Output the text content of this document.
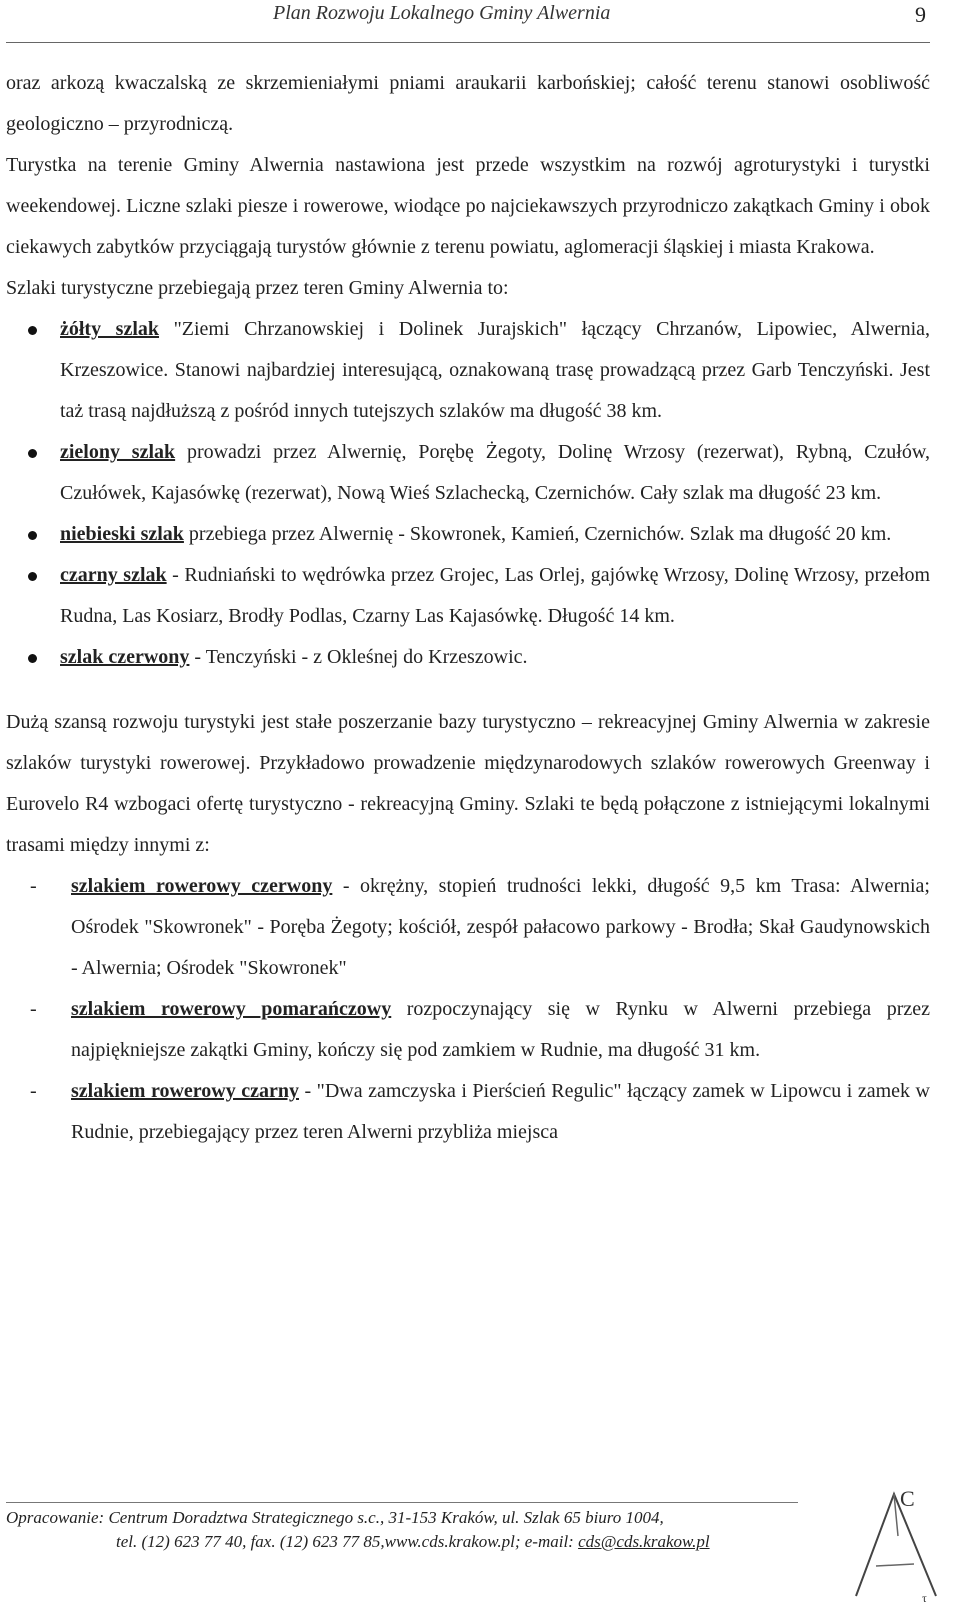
Plan Rozwoju Lokalnego Gminy Alwernia	9

oraz arkozą kwaczalską ze skrzemieniałymi pniami araukarii karbońskiej; całość terenu stanowi osobliwość geologiczno – przyrodniczą.

Turystka na terenie Gminy Alwernia nastawiona jest przede wszystkim na rozwój agroturystyki i turystki weekendowej. Liczne szlaki piesze i rowerowe, wiodące po najciekawszych przyrodniczo zakątkach Gminy i obok ciekawych zabytków przyciągają turystów głównie z terenu powiatu, aglomeracji śląskiej i miasta Krakowa.

Szlaki turystyczne przebiegają przez teren Gminy Alwernia to:

żółty szlak "Ziemi Chrzanowskiej i Dolinek Jurajskich" łączący Chrzanów, Lipowiec, Alwernia, Krzeszowice. Stanowi najbardziej interesującą, oznakowaną trasę prowadzącą przez Garb Tenczyński. Jest taż trasą najdłuższą z pośród innych tutejszych szlaków ma długość 38 km.
zielony szlak prowadzi przez Alwernię, Porębę Żegoty, Dolinę Wrzosy (rezerwat), Rybną, Czułów, Czułówek, Kajasówkę (rezerwat), Nową Wieś Szlachecką, Czernichów. Cały szlak ma długość 23 km.
niebieski szlak przebiega przez Alwernię - Skowronek, Kamień, Czernichów. Szlak ma długość 20 km.
czarny szlak - Rudniański to wędrówka przez Grojec, Las Orlej, gajówkę Wrzosy, Dolinę Wrzosy, przełom Rudna, Las Kosiarz, Brodły Podlas, Czarny Las Kajasówkę. Długość 14 km.
szlak czerwony - Tenczyński - z Okleśnej do Krzeszowic.

Dużą szansą rozwoju turystyki jest stałe poszerzanie bazy turystyczno – rekreacyjnej Gminy Alwernia w zakresie szlaków turystyki rowerowej. Przykładowo prowadzenie międzynarodowych szlaków rowerowych Greenway i Eurovelo R4 wzbogaci ofertę turystyczno - rekreacyjną Gminy. Szlaki te będą połączone z istniejącymi lokalnymi trasami między innymi z:

- szlakiem rowerowy czerwony - okrężny, stopień trudności lekki, długość 9,5 km Trasa: Alwernia; Ośrodek "Skowronek" - Poręba Żegoty; kościół, zespół pałacowo parkowy - Brodła; Skał Gaudynowskich - Alwernia; Ośrodek "Skowronek"
- szlakiem rowerowy pomarańczowy rozpoczynający się w Rynku w Alwerni przebiega przez najpiękniejsze zakątki Gminy, kończy się pod zamkiem w Rudnie, ma długość 31 km.
- szlakiem rowerowy czarny - "Dwa zamczyska i Pierścień Regulic" łączący zamek w Lipowcu i zamek w Rudnie, przebiegający przez teren Alwerni przybliża miejsca
Opracowanie: Centrum Doradztwa Strategicznego s.c., 31-153 Kraków, ul. Szlak 65 biuro 1004,
tel. (12) 623 77 40, fax. (12) 623 77 85,www.cds.krakow.pl; e-mail: cds@cds.krakow.pl
C
τ
